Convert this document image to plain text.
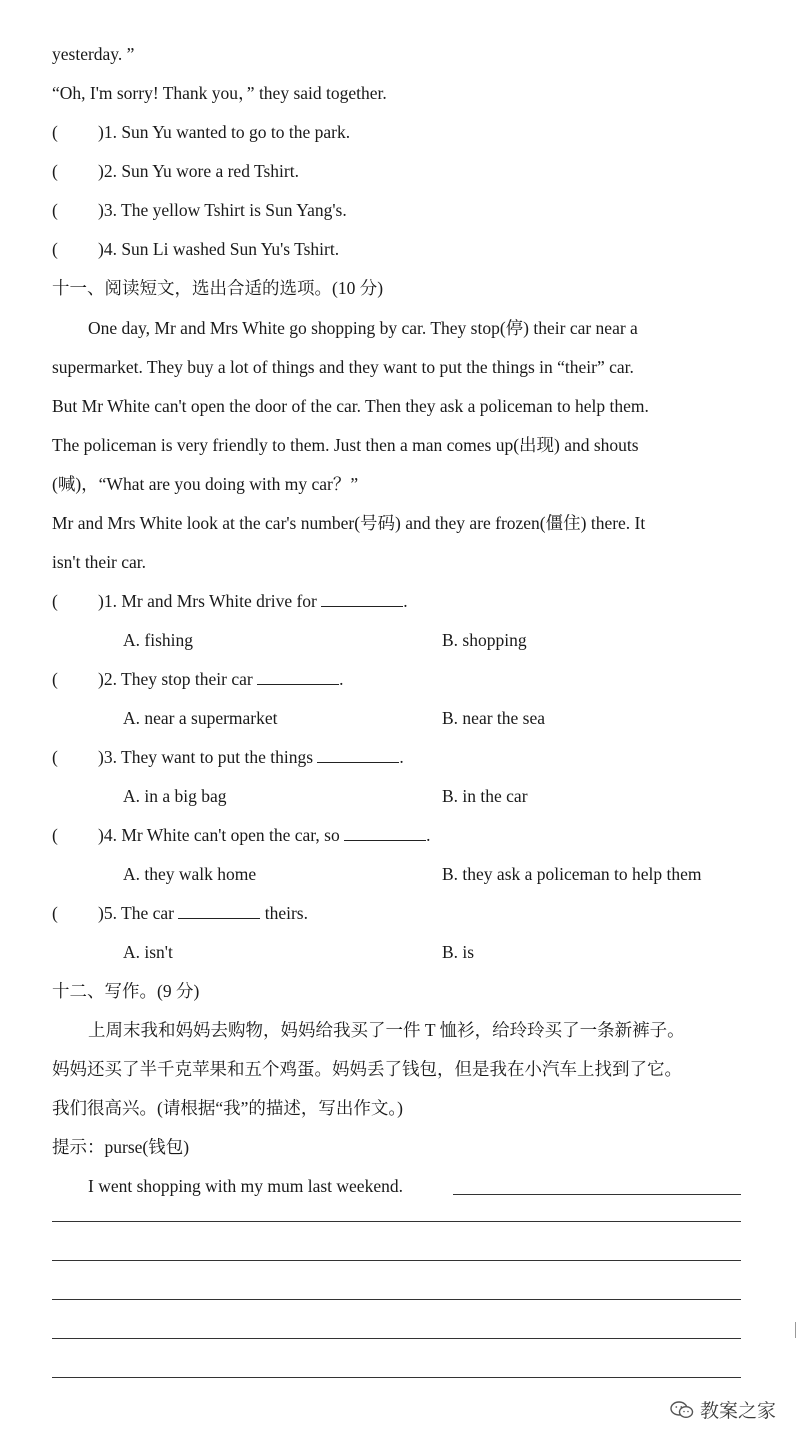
yesterday. ”
“Oh, I'm sorry! Thank you，” they said together.
( )1. Sun Yu wanted to go to the park.
( )2. Sun Yu wore a red Tshirt.
( )3. The yellow Tshirt is Sun Yang's.
( )4. Sun Li washed Sun Yu's Tshirt.
十一、阅读短文，选出合适的选项。(10 分)
One day, Mr and Mrs White go shopping by car. They stop(停) their car near a
supermarket. They buy a lot of things and they want to put the things in “their” car.
But Mr White can't open the door of the car. Then they ask a policeman to help them.
The policeman is very friendly to them. Just then a man comes up(出现) and shouts
(喊)，“What are you doing with my car？”
Mr and Mrs White look at the car's number(号码) and they are frozen(僵住) there. It
isn't their car.
( )1. Mr and Mrs White drive for	.
A. fishing	B. shopping
( )2. They stop their car	.
A. near a supermarket	B. near the sea
( )3. They want to put the things	.
A. in a big bag	B. in the car
( )4. Mr White can't open the car, so	.
A. they walk home	B. they ask a policeman to help them
( )5. The car	theirs.
A. isn't	B. is
十二、写作。(9 分)
上周末我和妈妈去购物，妈妈给我买了一件 T 恤衫，给玲玲买了一条新裤子。
妈妈还买了半千克苹果和五个鸡蛋。妈妈丢了钱包，但是我在小汽车上找到了它。
我们很高兴。(请根据“我”的描述，写出作文。)
提示：purse(钱包)
I went shopping with my mum last weekend.
教案之家
